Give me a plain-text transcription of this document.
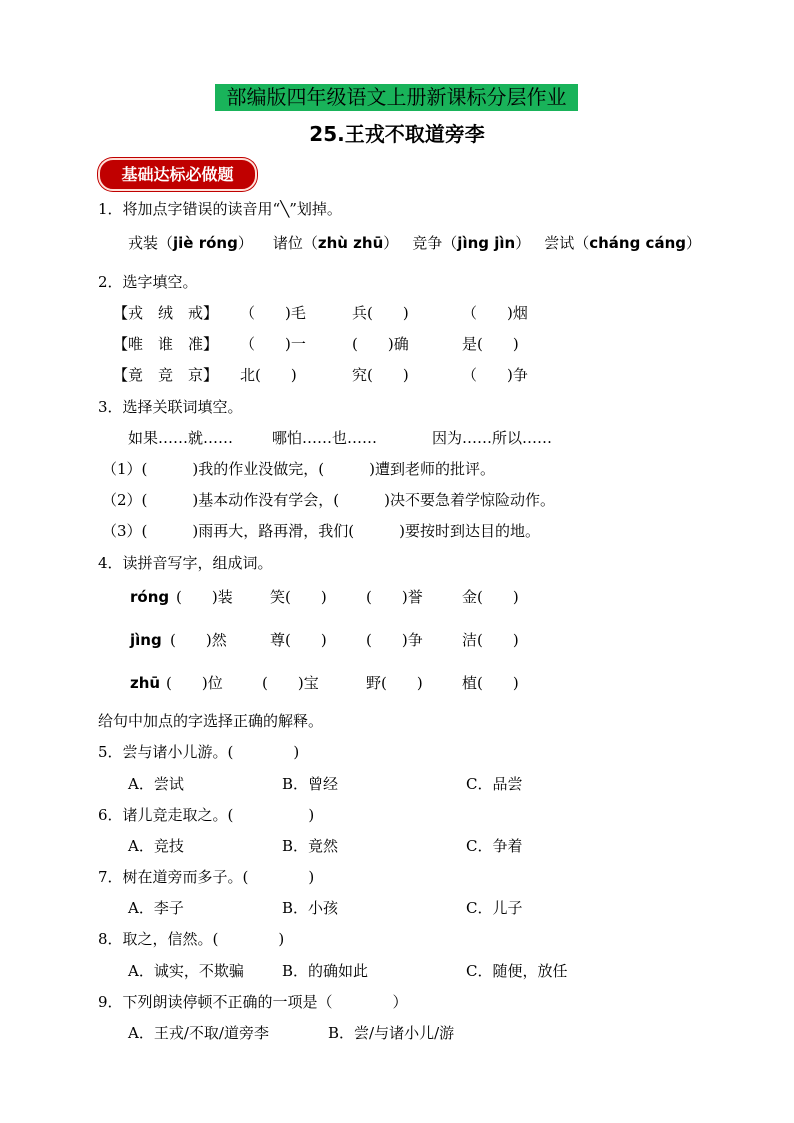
部编版四年级语文上册新课标分层作业
25.王戎不取道旁李
基础达标必做题
1．将加点字错误的读音用“╲”划掉。
戎装（jiè róng） 诸位（zhù zhū） 竞争（jìng jìn） 尝试（cháng cáng）
2．选字填空。
【戎　绒　戒】 （　　)毛	兵(　　)	（　　)烟
【唯　谁　准】 （　　)一	(　　)确	是(　　)
【竟　竞　京】 北(　　)	究(　　)	（　　)争
3．选择关联词填空。
如果……就……	哪怕……也……	因为……所以……
（1）(　　　)我的作业没做完，(　　　)遭到老师的批评。
（2）(　　　)基本动作没有学会，(　　　)决不要急着学惊险动作。
（3）(　　　)雨再大，路再滑，我们(　　　)要按时到达目的地。
4．读拼音写字，组成词。
róng (　　)装 笑(　　)	(　　)誉	金(　　)
jìng (　　)然	尊(　　)	(　　)争	洁(　　)
zhū (　　)位	(　　)宝	野(　　)	植(　　)
给句中加点的字选择正确的解释。
5．尝与诸小儿游。(　　　　)
A．尝试	B．曾经	C．品尝
6．诸儿竞走取之。(　　　　　)
A．竞技	B．竟然	C．争着
7．树在道旁而多子。(　　　　)
A．李子	B．小孩	C．儿子
8．取之，信然。(　　　　)
A．诚实，不欺骗	B．的确如此	C．随便，放任
9．下列朗读停顿不正确的一项是（　　　　）
A．王戎/不取/道旁李	B．尝/与诸小儿/游
